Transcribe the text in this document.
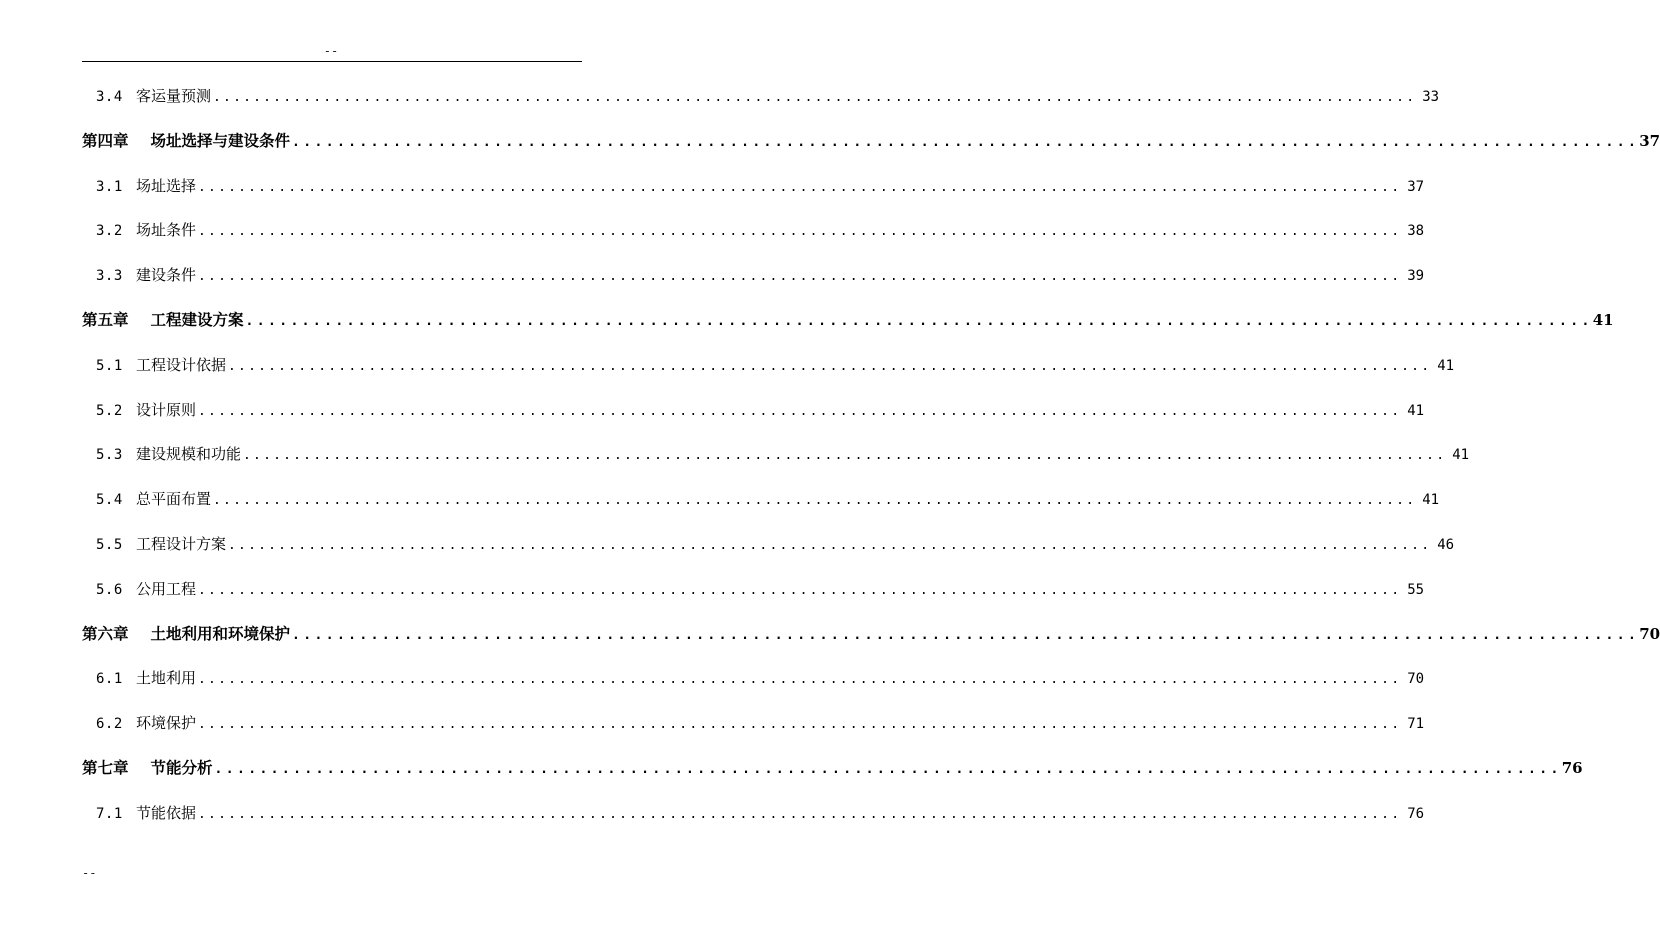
--
3.4 客运量预测 ........................................................................................................................ 33
第四章 场址选择与建设条件 ........................................................................................................................ 37
3.1 场址选择 ........................................................................................................................ 37
3.2 场址条件 ........................................................................................................................ 38
3.3 建设条件 ........................................................................................................................ 39
第五章 工程建设方案 ........................................................................................................................ 41
5.1 工程设计依据 ........................................................................................................................ 41
5.2 设计原则 ........................................................................................................................ 41
5.3 建设规模和功能 ........................................................................................................................ 41
5.4 总平面布置 ........................................................................................................................ 41
5.5 工程设计方案 ........................................................................................................................ 46
5.6 公用工程 ........................................................................................................................ 55
第六章 土地利用和环境保护 ........................................................................................................................ 70
6.1 土地利用 ........................................................................................................................ 70
6.2 环境保护 ........................................................................................................................ 71
第七章 节能分析 ........................................................................................................................ 76
7.1 节能依据 ........................................................................................................................ 76
--
